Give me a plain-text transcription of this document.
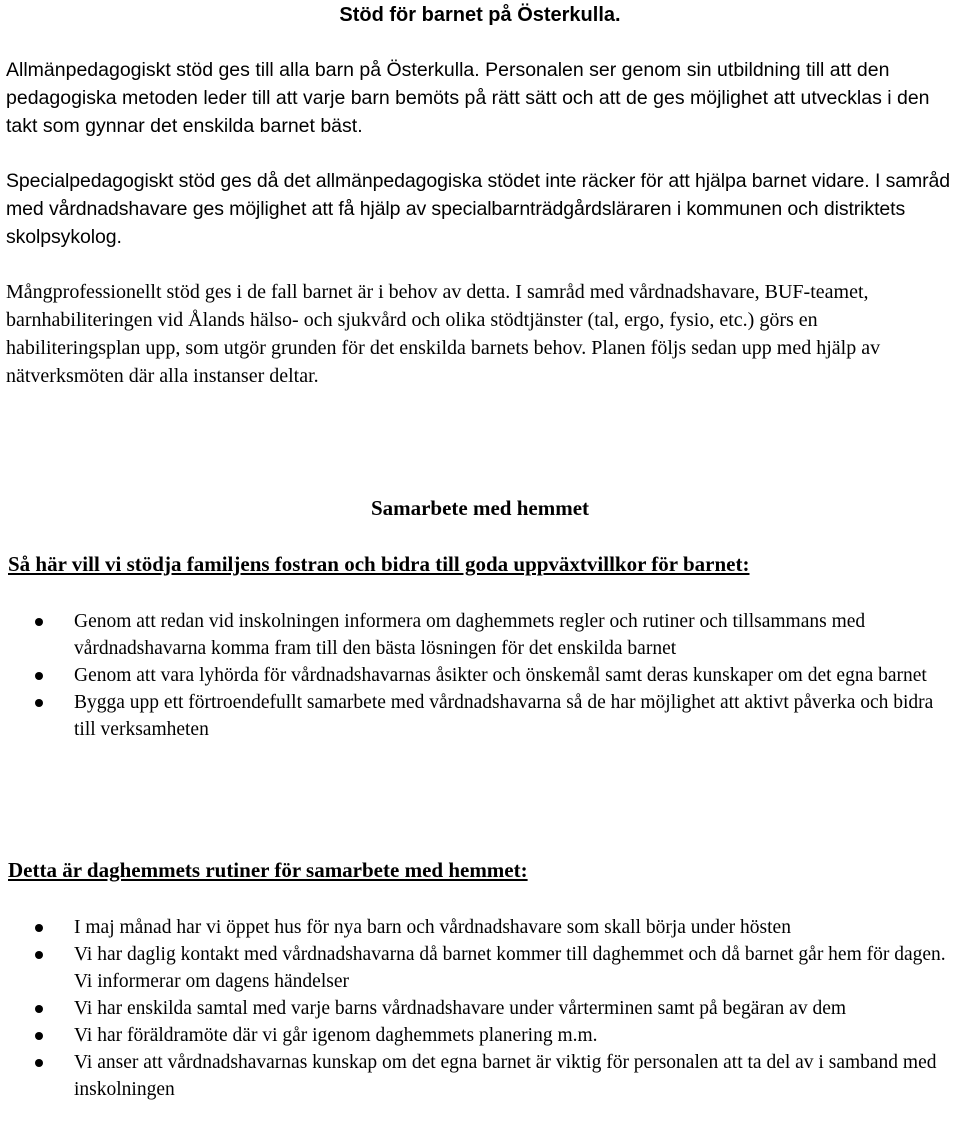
Stöd för barnet på Österkulla.

Allmänpedagogiskt stöd ges till alla barn på Österkulla. Personalen ser genom sin utbildning till att den pedagogiska metoden leder till att varje barn bemöts på rätt sätt och att de ges möjlighet att utvecklas i den takt som gynnar det enskilda barnet bäst.

Specialpedagogiskt stöd ges då det allmänpedagogiska stödet inte räcker för att hjälpa barnet vidare. I samråd med vårdnadshavare ges möjlighet att få hjälp av specialbarnträdgårdsläraren i kommunen och distriktets skolpsykolog.

Mångprofessionellt stöd ges i de fall barnet är i behov av detta. I samråd med vårdnadshavare, BUF-teamet, barnhabiliteringen vid Ålands hälso- och sjukvård och olika stödtjänster (tal, ergo, fysio, etc.) görs en habiliteringsplan upp, som utgör grunden för det enskilda barnets behov. Planen följs sedan upp med hjälp av nätverksmöten där alla instanser deltar.

Samarbete med hemmet
Så här vill vi stödja familjens fostran och bidra till goda uppväxtvillkor för barnet:
Genom att redan vid inskolningen informera om daghemmets regler och rutiner och tillsammans med vårdnadshavarna komma fram till den bästa lösningen för det enskilda barnet
Genom att vara lyhörda för vårdnadshavarnas åsikter och önskemål samt deras kunskaper om det egna barnet
Bygga upp ett förtroendefullt samarbete med vårdnadshavarna så de har möjlighet att aktivt påverka och bidra till verksamheten
Detta är daghemmets rutiner för samarbete med hemmet:
I maj månad har vi öppet hus för nya barn och vårdnadshavare som skall börja under hösten
Vi har daglig kontakt med vårdnadshavarna då barnet kommer till daghemmet och då barnet går hem för dagen. Vi informerar om dagens händelser
Vi har enskilda samtal med varje barns vårdnadshavare under vårterminen samt på begäran av dem
Vi har föräldramöte där vi går igenom daghemmets planering m.m.
Vi anser att vårdnadshavarnas kunskap om det egna barnet är viktig för personalen att ta del av i samband med inskolningen
